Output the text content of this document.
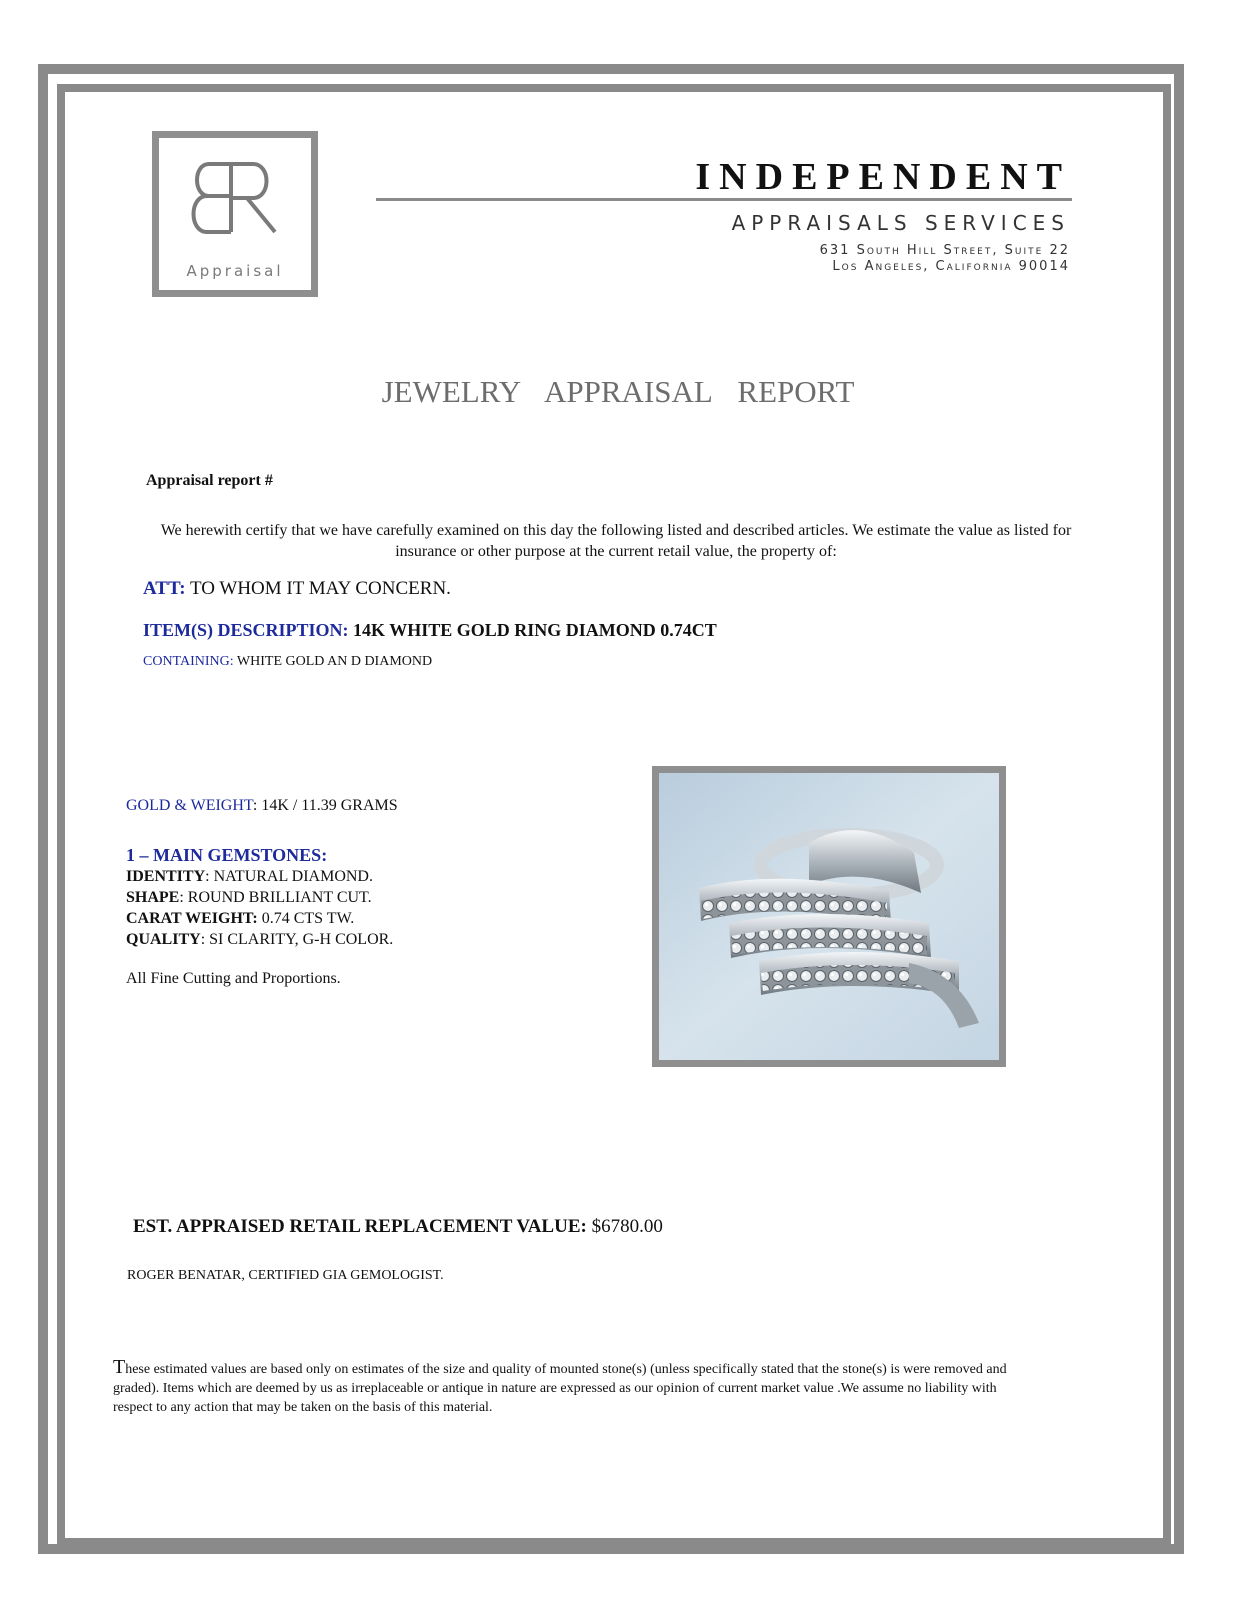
Appraisal
INDEPENDENT
APPRAISALS SERVICES
631 South Hill Street, Suite 22
Los Angeles, California 90014
JEWELRY APPRAISAL REPORT
Appraisal report #
We herewith certify that we have carefully examined on this day the following listed and described articles. We estimate the value as listed for insurance or other purpose at the current retail value, the property of:
ATT: TO WHOM IT MAY CONCERN.
ITEM(S) DESCRIPTION: 14K WHITE GOLD RING DIAMOND 0.74CT
CONTAINING: WHITE GOLD AN D DIAMOND
GOLD & WEIGHT: 14K / 11.39 GRAMS
1 – MAIN GEMSTONES:
IDENTITY: NATURAL DIAMOND.
SHAPE: ROUND BRILLIANT CUT.
CARAT WEIGHT: 0.74 CTS TW.
QUALITY: SI CLARITY, G-H COLOR.
All Fine Cutting and Proportions.
EST. APPRAISED RETAIL REPLACEMENT VALUE: $6780.00
ROGER BENATAR, CERTIFIED GIA GEMOLOGIST.
These estimated values are based only on estimates of the size and quality of mounted stone(s) (unless specifically stated that the stone(s) is were removed and graded). Items which are deemed by us as irreplaceable or antique in nature are expressed as our opinion of current market value .We assume no liability with respect to any action that may be taken on the basis of this material.
